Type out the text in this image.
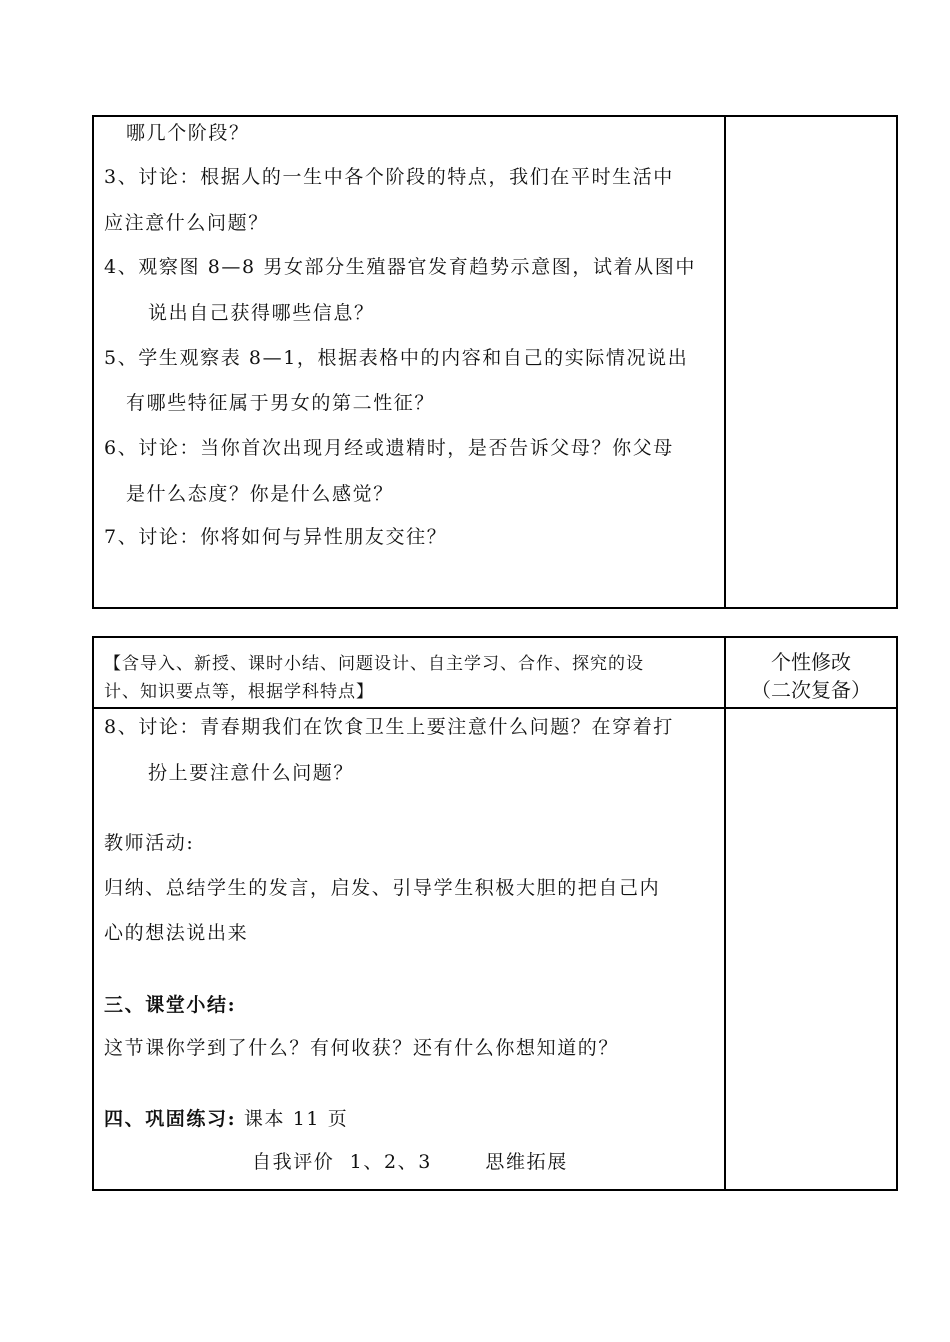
哪几个阶段？
3、讨论：根据人的一生中各个阶段的特点，我们在平时生活中
应注意什么问题？
4、观察图 8—8 男女部分生殖器官发育趋势示意图，试着从图中
说出自己获得哪些信息？
5、学生观察表 8—1，根据表格中的内容和自己的实际情况说出
有哪些特征属于男女的第二性征？
6、讨论：当你首次出现月经或遗精时，是否告诉父母？你父母
是什么态度？你是什么感觉？
7、讨论：你将如何与异性朋友交往？
【含导入、新授、课时小结、问题设计、自主学习、合作、探究的设
计、知识要点等，根据学科特点】
个性修改
（二次复备）
8、讨论：青春期我们在饮食卫生上要注意什么问题？在穿着打
扮上要注意什么问题？
教师活动:
归纳、总结学生的发言，启发、引导学生积极大胆的把自己内
心的想法说出来
三、课堂小结:
这节课你学到了什么？有何收获？还有什么你想知道的？
四、巩固练习: 课本 11 页
自我评价  1、2、3       思维拓展
